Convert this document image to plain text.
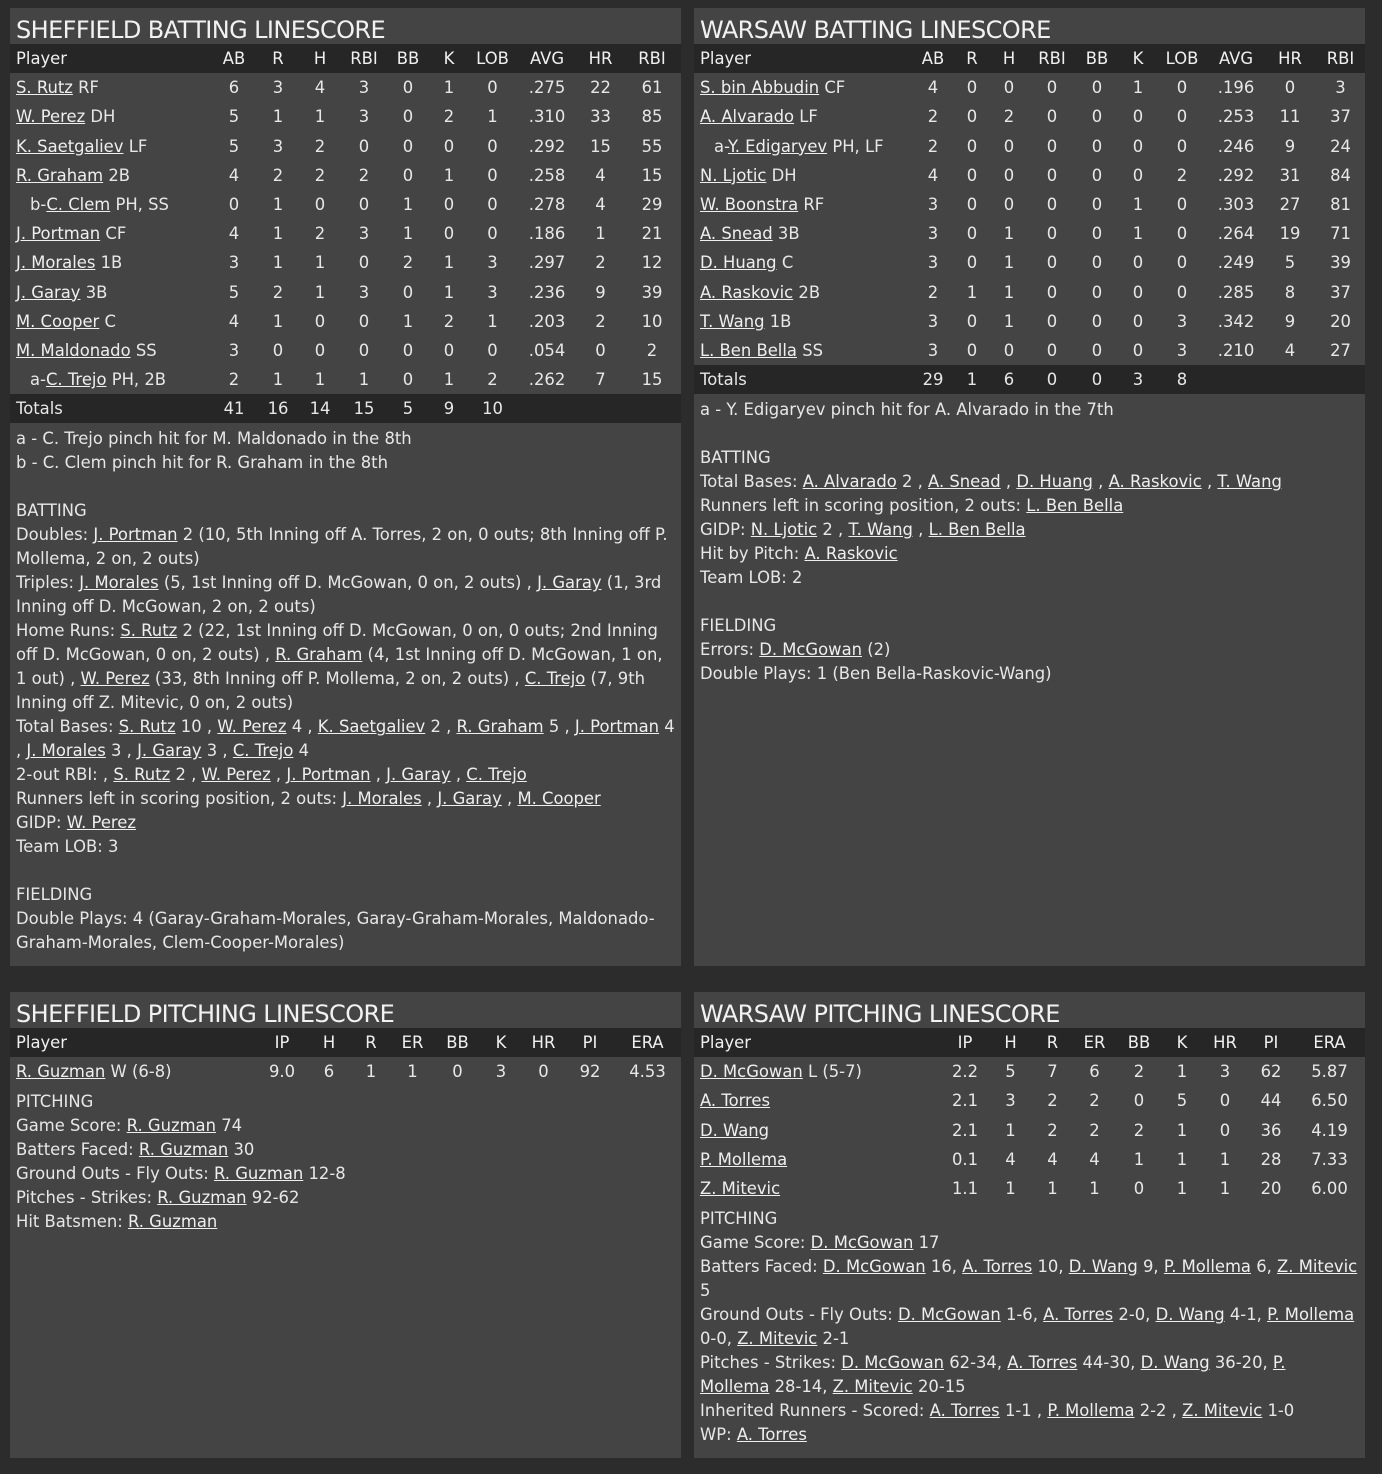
SHEFFIELD BATTING LINESCORE
Player	AB	R	H	RBI	BB	K	LOB	AVG	HR	RBI
S. Rutz RF	6	3	4	3	0	1	0	.275	22	61
W. Perez DH	5	1	1	3	0	2	1	.310	33	85
K. Saetgaliev LF	5	3	2	0	0	0	0	.292	15	55
R. Graham 2B	4	2	2	2	0	1	0	.258	4	15
b-C. Clem PH, SS	0	1	0	0	1	0	0	.278	4	29
J. Portman CF	4	1	2	3	1	0	0	.186	1	21
J. Morales 1B	3	1	1	0	2	1	3	.297	2	12
J. Garay 3B	5	2	1	3	0	1	3	.236	9	39
M. Cooper C	4	1	0	0	1	2	1	.203	2	10
M. Maldonado SS	3	0	0	0	0	0	0	.054	0	2
a-C. Trejo PH, 2B	2	1	1	1	0	1	2	.262	7	15
Totals	41	16	14	15	5	9	10			
a - C. Trejo pinch hit for M. Maldonado in the 8th
b - C. Clem pinch hit for R. Graham in the 8th
BATTING
Doubles: J. Portman 2 (10, 5th Inning off A. Torres, 2 on, 0 outs; 8th Inning off P. Mollema, 2 on, 2 outs)
Triples: J. Morales (5, 1st Inning off D. McGowan, 0 on, 2 outs) , J. Garay (1, 3rd Inning off D. McGowan, 2 on, 2 outs)
Home Runs: S. Rutz 2 (22, 1st Inning off D. McGowan, 0 on, 0 outs; 2nd Inning off D. McGowan, 0 on, 2 outs) , R. Graham (4, 1st Inning off D. McGowan, 1 on, 1 out) , W. Perez (33, 8th Inning off P. Mollema, 2 on, 2 outs) , C. Trejo (7, 9th Inning off Z. Mitevic, 0 on, 2 outs)
Total Bases: S. Rutz 10 , W. Perez 4 , K. Saetgaliev 2 , R. Graham 5 , J. Portman 4 , J. Morales 3 , J. Garay 3 , C. Trejo 4
2-out RBI: , S. Rutz 2 , W. Perez , J. Portman , J. Garay , C. Trejo
Runners left in scoring position, 2 outs: J. Morales , J. Garay , M. Cooper
GIDP: W. Perez
Team LOB: 3
FIELDING
Double Plays: 4 (Garay-Graham-Morales, Garay-Graham-Morales, Maldonado-Graham-Morales, Clem-Cooper-Morales)
WARSAW BATTING LINESCORE
Player	AB	R	H	RBI	BB	K	LOB	AVG	HR	RBI
S. bin Abbudin CF	4	0	0	0	0	1	0	.196	0	3
A. Alvarado LF	2	0	2	0	0	0	0	.253	11	37
a-Y. Edigaryev PH, LF	2	0	0	0	0	0	0	.246	9	24
N. Ljotic DH	4	0	0	0	0	0	2	.292	31	84
W. Boonstra RF	3	0	0	0	0	1	0	.303	27	81
A. Snead 3B	3	0	1	0	0	1	0	.264	19	71
D. Huang C	3	0	1	0	0	0	0	.249	5	39
A. Raskovic 2B	2	1	1	0	0	0	0	.285	8	37
T. Wang 1B	3	0	1	0	0	0	3	.342	9	20
L. Ben Bella SS	3	0	0	0	0	0	3	.210	4	27
Totals	29	1	6	0	0	3	8			
a - Y. Edigaryev pinch hit for A. Alvarado in the 7th
BATTING
Total Bases: A. Alvarado 2 , A. Snead , D. Huang , A. Raskovic , T. Wang
Runners left in scoring position, 2 outs: L. Ben Bella
GIDP: N. Ljotic 2 , T. Wang , L. Ben Bella
Hit by Pitch: A. Raskovic
Team LOB: 2
FIELDING
Errors: D. McGowan (2)
Double Plays: 1 (Ben Bella-Raskovic-Wang)
SHEFFIELD PITCHING LINESCORE
Player	IP	H	R	ER	BB	K	HR	PI	ERA
R. Guzman W (6-8)	9.0	6	1	1	0	3	0	92	4.53
PITCHING
Game Score: R. Guzman 74
Batters Faced: R. Guzman 30
Ground Outs - Fly Outs: R. Guzman 12-8
Pitches - Strikes: R. Guzman 92-62
Hit Batsmen: R. Guzman
WARSAW PITCHING LINESCORE
Player	IP	H	R	ER	BB	K	HR	PI	ERA
D. McGowan L (5-7)	2.2	5	7	6	2	1	3	62	5.87
A. Torres	2.1	3	2	2	0	5	0	44	6.50
D. Wang	2.1	1	2	2	2	1	0	36	4.19
P. Mollema	0.1	4	4	4	1	1	1	28	7.33
Z. Mitevic	1.1	1	1	1	0	1	1	20	6.00
PITCHING
Game Score: D. McGowan 17
Batters Faced: D. McGowan 16, A. Torres 10, D. Wang 9, P. Mollema 6, Z. Mitevic 5
Ground Outs - Fly Outs: D. McGowan 1-6, A. Torres 2-0, D. Wang 4-1, P. Mollema 0-0, Z. Mitevic 2-1
Pitches - Strikes: D. McGowan 62-34, A. Torres 44-30, D. Wang 36-20, P. Mollema 28-14, Z. Mitevic 20-15
Inherited Runners - Scored: A. Torres 1-1 , P. Mollema 2-2 , Z. Mitevic 1-0
WP: A. Torres
